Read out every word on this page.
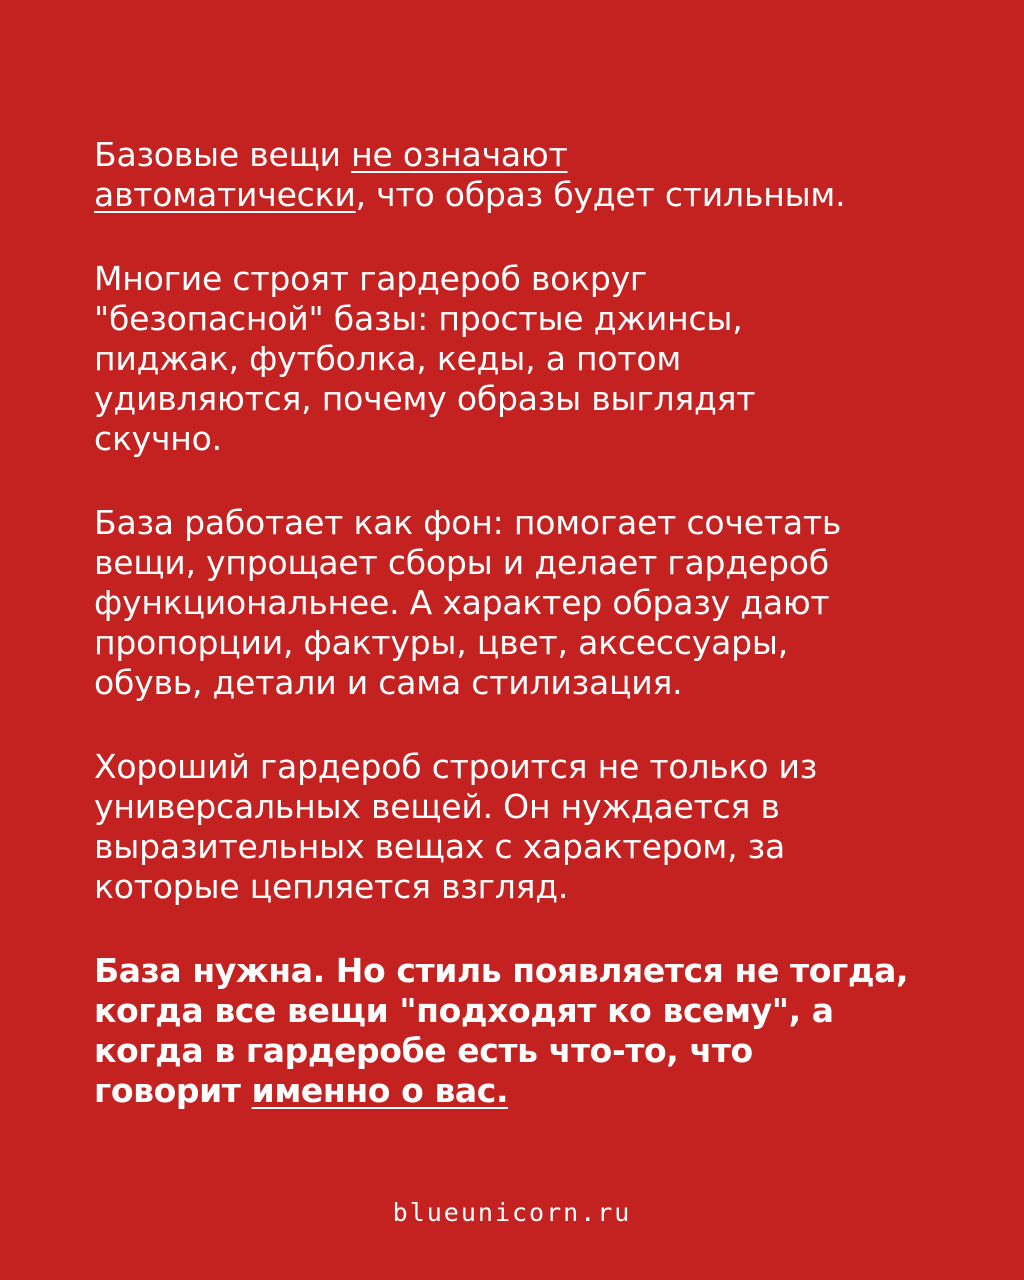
Базовые вещи не означают
автоматически, что образ будет стильным.

Многие строят гардероб вокруг
"безопасной" базы: простые джинсы,
пиджак, футболка, кеды, а потом
удивляются, почему образы выглядят
скучно.

База работает как фон: помогает сочетать
вещи, упрощает сборы и делает гардероб
функциональнее. А характер образу дают
пропорции, фактуры, цвет, аксессуары,
обувь, детали и сама стилизация.

Хороший гардероб строится не только из
универсальных вещей. Он нуждается в
выразительных вещах с характером, за
которые цепляется взгляд.

База нужна. Но стиль появляется не тогда,
когда все вещи "подходят ко всему", а
когда в гардеробе есть что-то, что
говорит именно о вас.

blueunicorn.ru
